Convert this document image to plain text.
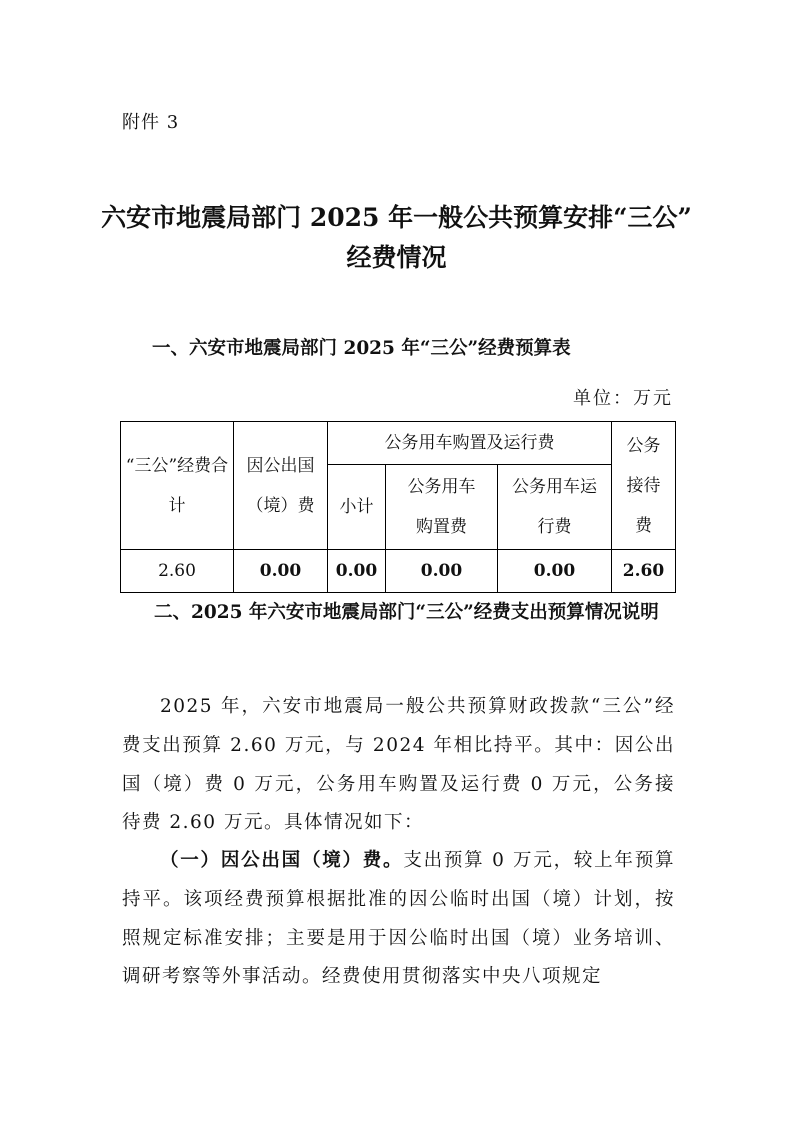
附件 3
六安市地震局部门 2025 年一般公共预算安排“三公”
经费情况
一、六安市地震局部门 2025 年“三公”经费预算表
单位：万元
“三公”经费合计	因公出国（境）费	公务用车购置及运行费			公务接待费
		小计	公务用车购置费	公务用车运行费	
2.60	0.00	0.00	0.00	0.00	2.60
二、2025 年六安市地震局部门“三公”经费支出预算情况说明
2025 年，六安市地震局一般公共预算财政拨款“三公”经费支出预算 2.60 万元，与 2024 年相比持平。其中：因公出国（境）费 0 万元，公务用车购置及运行费 0 万元，公务接待费 2.60 万元。具体情况如下：
（一）因公出国（境）费。支出预算 0 万元，较上年预算持平。该项经费预算根据批准的因公临时出国（境）计划，按照规定标准安排；主要是用于因公临时出国（境）业务培训、调研考察等外事活动。经费使用贯彻落实中央八项规定
